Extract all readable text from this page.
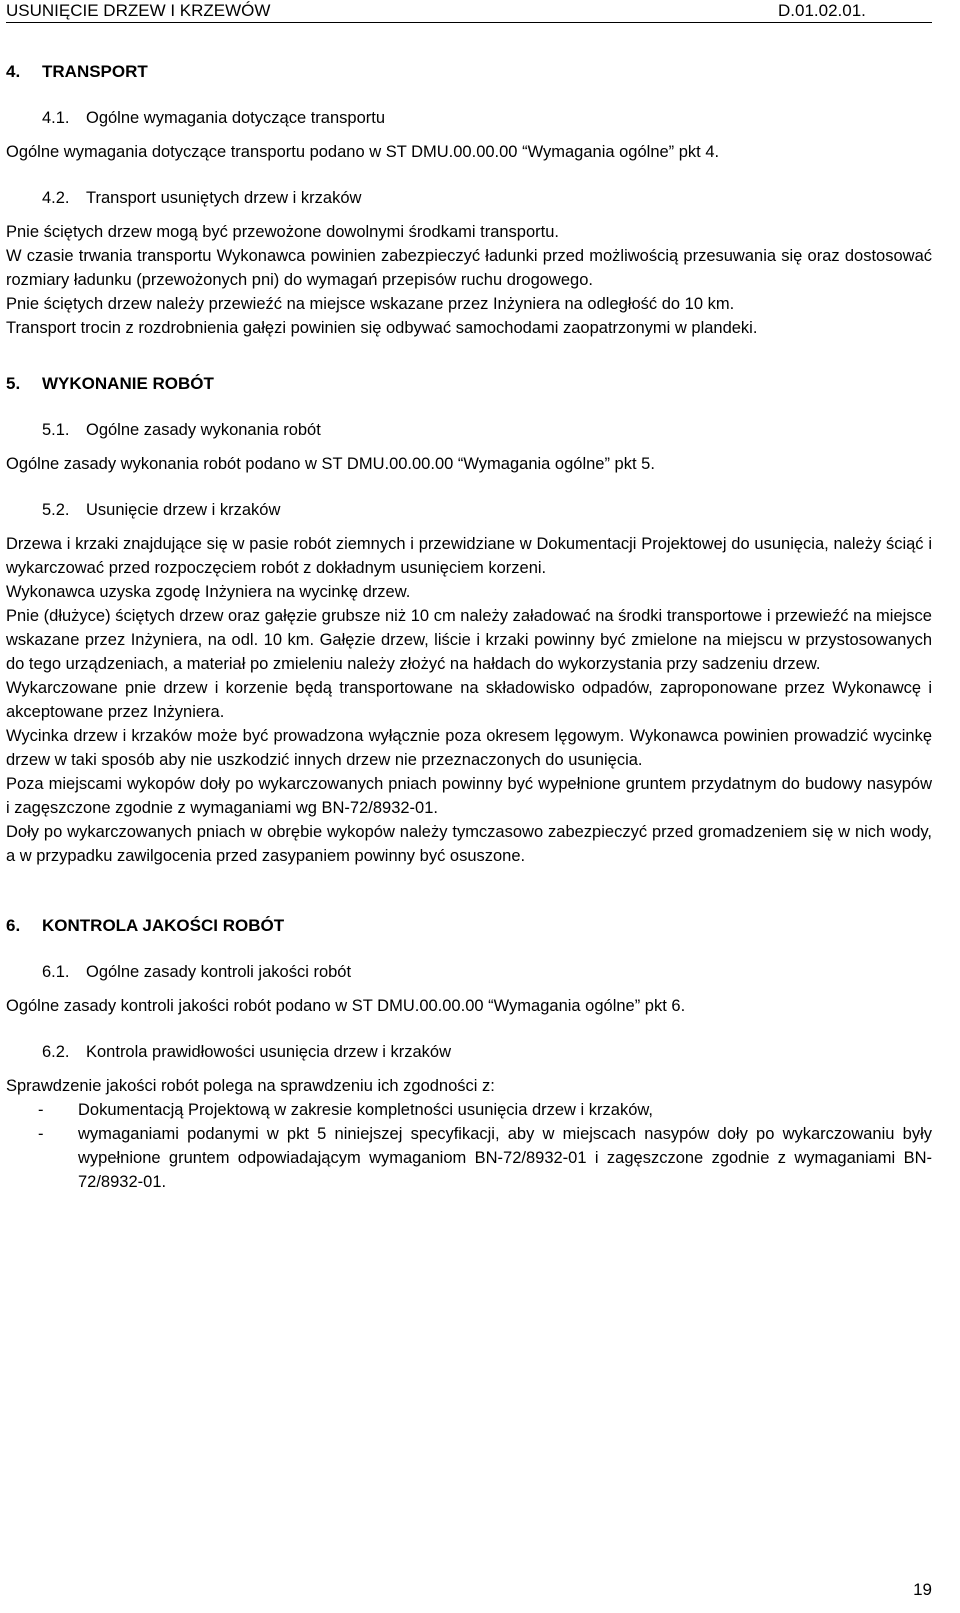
USUNIĘCIE DRZEW I KRZEWÓW	D.01.02.01.

4. TRANSPORT

4.1. Ogólne wymagania dotyczące transportu

Ogólne wymagania dotyczące transportu podano w ST DMU.00.00.00 “Wymagania ogólne” pkt 4.

4.2. Transport usuniętych drzew i krzaków

Pnie ściętych drzew mogą być przewożone dowolnymi środkami transportu.

W czasie trwania transportu Wykonawca powinien zabezpieczyć ładunki przed możliwością przesuwania się oraz dostosować rozmiary ładunku (przewożonych pni) do wymagań przepisów ruchu drogowego.

Pnie ściętych drzew należy przewieźć na miejsce wskazane przez Inżyniera na odległość do 10 km.

Transport trocin z rozdrobnienia gałęzi powinien się odbywać samochodami zaopatrzonymi w plandeki.

5. WYKONANIE ROBÓT

5.1. Ogólne zasady wykonania robót

Ogólne zasady wykonania robót podano w ST DMU.00.00.00 “Wymagania ogólne” pkt 5.

5.2. Usunięcie drzew i krzaków

Drzewa i krzaki znajdujące się w pasie robót ziemnych i przewidziane w Dokumentacji Projektowej do usunięcia, należy ściąć i wykarczować przed rozpoczęciem robót z dokładnym usunięciem korzeni.

Wykonawca uzyska zgodę Inżyniera na wycinkę drzew.

Pnie (dłużyce) ściętych drzew oraz gałęzie grubsze niż 10 cm należy załadować na środki transportowe i przewieźć na miejsce wskazane przez Inżyniera, na odl. 10 km. Gałęzie drzew, liście i krzaki powinny być zmielone na miejscu w przystosowanych do tego urządzeniach, a materiał po zmieleniu należy złożyć na hałdach do wykorzystania przy sadzeniu drzew.

Wykarczowane pnie drzew i korzenie będą transportowane na składowisko odpadów, zaproponowane przez Wykonawcę i akceptowane przez Inżyniera.

Wycinka drzew i krzaków może być prowadzona wyłącznie poza okresem lęgowym. Wykonawca powinien prowadzić wycinkę drzew w taki sposób aby nie uszkodzić innych drzew nie przeznaczonych do usunięcia.

Poza miejscami wykopów doły po wykarczowanych pniach powinny być wypełnione gruntem przydatnym do budowy nasypów i zagęszczone zgodnie z wymaganiami wg BN-72/8932-01.

Doły po wykarczowanych pniach w obrębie wykopów należy tymczasowo zabezpieczyć przed gromadzeniem się w nich wody, a w przypadku zawilgocenia przed zasypaniem powinny być osuszone.

6. KONTROLA JAKOŚCI ROBÓT

6.1. Ogólne zasady kontroli jakości robót

Ogólne zasady kontroli jakości robót podano w ST DMU.00.00.00 “Wymagania ogólne” pkt 6.

6.2. Kontrola prawidłowości usunięcia drzew i krzaków

Sprawdzenie jakości robót polega na sprawdzeniu ich zgodności z:

- Dokumentacją Projektową w zakresie kompletności usunięcia drzew i krzaków,
- wymaganiami podanymi w pkt 5 niniejszej specyfikacji, aby w miejscach nasypów doły po wykarczowaniu były wypełnione gruntem odpowiadającym wymaganiom BN-72/8932-01 i zagęszczone zgodnie z wymaganiami BN-72/8932-01.
19
